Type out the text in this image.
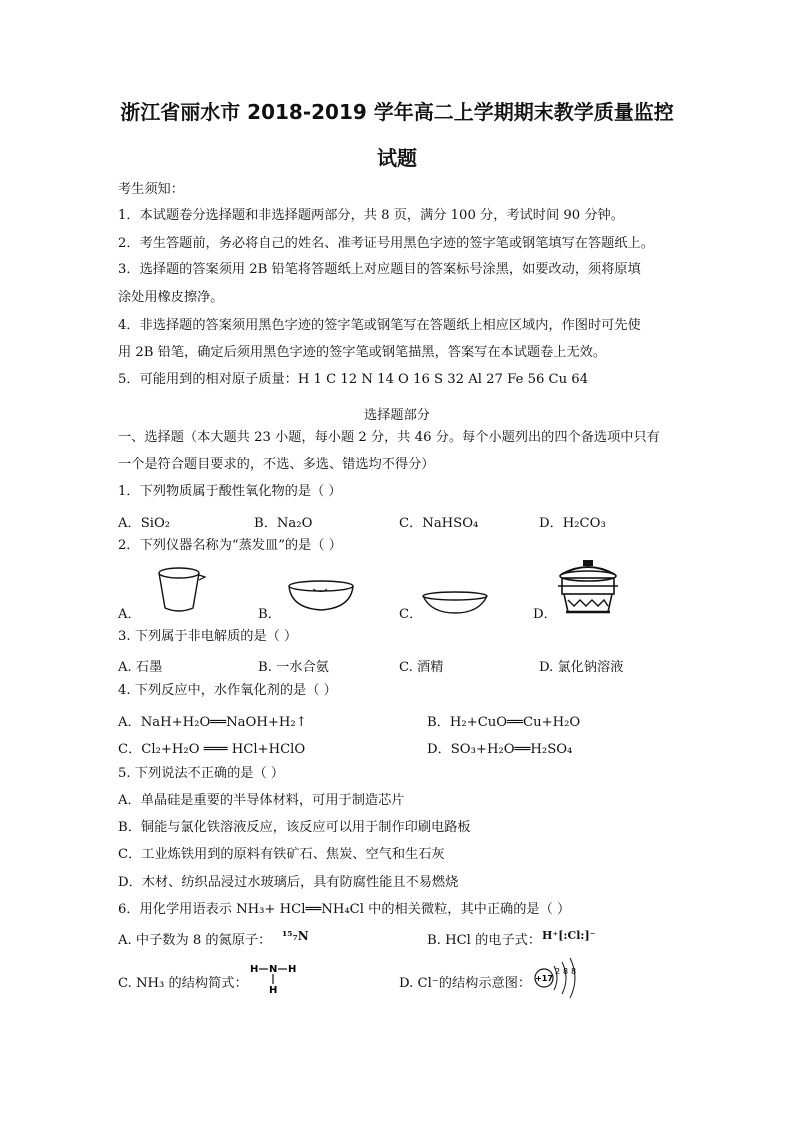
浙江省丽水市 2018-2019 学年高二上学期期末教学质量监控
试题
考生须知：
1．本试题卷分选择题和非选择题两部分，共 8 页，满分 100 分，考试时间 90 分钟。
2．考生答题前，务必将自己的姓名、准考证号用黑色字迹的签字笔或钢笔填写在答题纸上。
3．选择题的答案须用 2B 铅笔将答题纸上对应题目的答案标号涂黑，如要改动，须将原填
涂处用橡皮擦净。
4．非选择题的答案须用黑色字迹的签字笔或钢笔写在答题纸上相应区域内，作图时可先使
用 2B 铅笔，确定后须用黑色字迹的签字笔或钢笔描黑，答案写在本试题卷上无效。
5．可能用到的相对原子质量：H 1 C 12 N 14 O 16 S 32 Al 27 Fe 56 Cu 64
选择题部分
一、选择题（本大题共 23 小题，每小题 2 分，共 46 分。每个小题列出的四个备选项中只有
一个是符合题目要求的，不选、多选、错选均不得分）
1．下列物质属于酸性氧化物的是（ ）
A．SiO₂	B．Na₂O	C．NaHSO₄	D．H₂CO₃
2．下列仪器名称为“蒸发皿”的是（ ）
A．	B．	C．	D．
3. 下列属于非电解质的是（ ）
A. 石墨	B. 一水合氨	C. 酒精	D. 氯化钠溶液
4. 下列反应中，水作氧化剂的是（ ）
A．NaH+H₂O══NaOH+H₂↑	B．H₂+CuO══Cu+H₂O
C．Cl₂+H₂O ═══ HCl+HClO	D．SO₃+H₂O══H₂SO₄
5. 下列说法不正确的是（ ）
A．单晶硅是重要的半导体材料，可用于制造芯片
B．铜能与氯化铁溶液反应，该反应可以用于制作印刷电路板
C．工业炼铁用到的原料有铁矿石、焦炭、空气和生石灰
D．木材、纺织品浸过水玻璃后，具有防腐性能且不易燃烧
6．用化学用语表示 NH₃+ HCl══NH₄Cl 中的相关微粒，其中正确的是（ ）
A. 中子数为 8 的氮原子： ¹⁵₇N	B. HCl 的电子式： H⁺[:Cl:]⁻
C. NH₃ 的结构简式：
H N H
H	D. Cl⁻的结构示意图： +17
2 8 8
